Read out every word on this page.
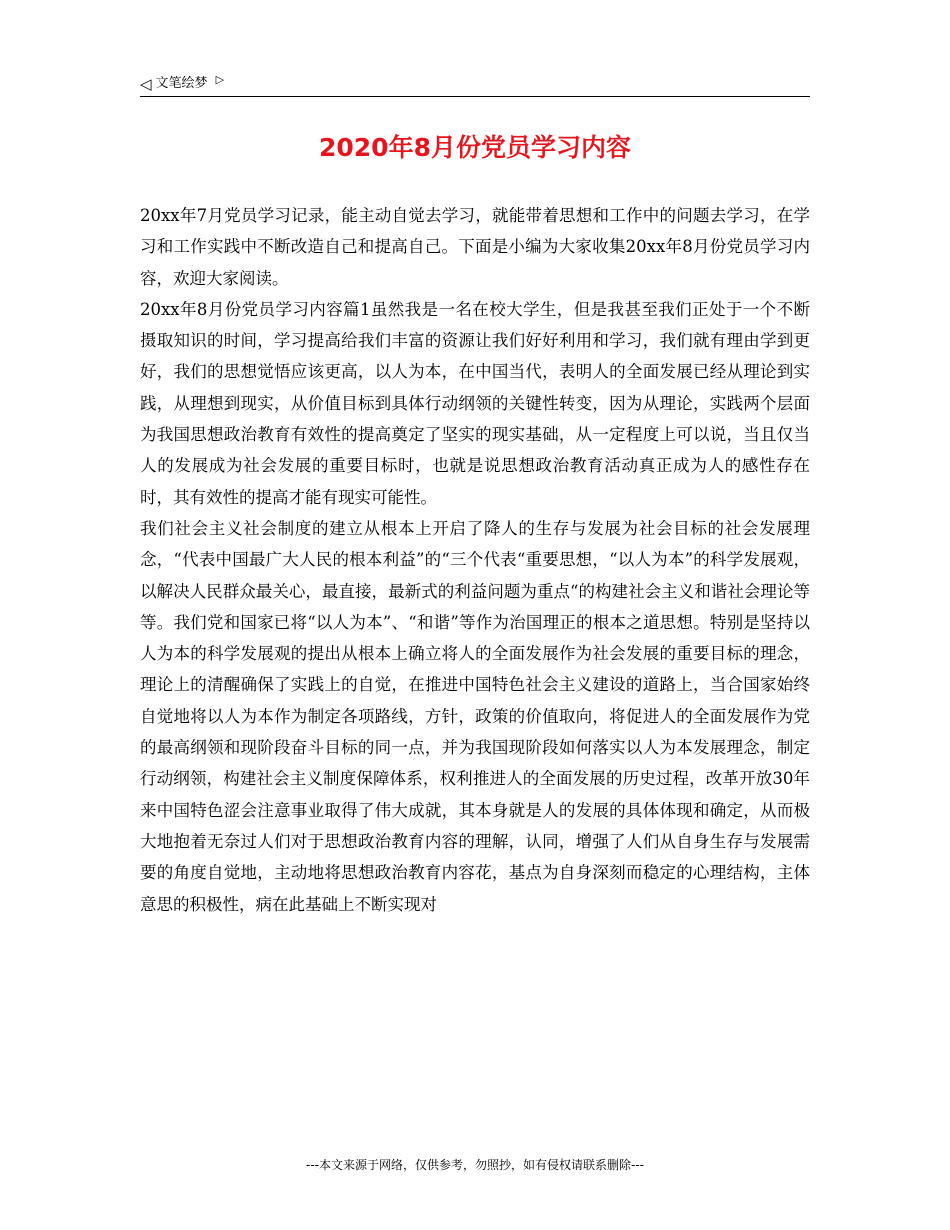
◁ 文笔绘梦 ▷
2020年8月份党员学习内容

20xx年7月党员学习记录，能主动自觉去学习，就能带着思想和工作中的问题去学习，在学习和工作实践中不断改造自己和提高自己。下面是小编为大家收集20xx年8月份党员学习内容，欢迎大家阅读。

20xx年8月份党员学习内容篇1虽然我是一名在校大学生，但是我甚至我们正处于一个不断摄取知识的时间，学习提高给我们丰富的资源让我们好好利用和学习，我们就有理由学到更好，我们的思想觉悟应该更高，以人为本，在中国当代，表明人的全面发展已经从理论到实践，从理想到现实，从价值目标到具体行动纲领的关键性转变，因为从理论，实践两个层面为我国思想政治教育有效性的提高奠定了坚实的现实基础，从一定程度上可以说，当且仅当人的发展成为社会发展的重要目标时，也就是说思想政治教育活动真正成为人的感性存在时，其有效性的提高才能有现实可能性。

我们社会主义社会制度的建立从根本上开启了降人的生存与发展为社会目标的社会发展理念，“代表中国最广大人民的根本利益”的“三个代表“重要思想，“以人为本”的科学发展观，以解决人民群众最关心，最直接，最新式的利益问题为重点“的构建社会主义和谐社会理论等等。我们党和国家已将“以人为本”、“和谐”等作为治国理正的根本之道思想。特别是坚持以人为本的科学发展观的提出从根本上确立将人的全面发展作为社会发展的重要目标的理念，理论上的清醒确保了实践上的自觉，在推进中国特色社会主义建设的道路上，当合国家始终自觉地将以人为本作为制定各项路线，方针，政策的价值取向，将促进人的全面发展作为党的最高纲领和现阶段奋斗目标的同一点，并为我国现阶段如何落实以人为本发展理念，制定行动纲领，构建社会主义制度保障体系，权利推进人的全面发展的历史过程，改革开放30年来中国特色涩会注意事业取得了伟大成就，其本身就是人的发展的具体体现和确定，从而极大地抱着无奈过人们对于思想政治教育内容的理解，认同，增强了人们从自身生存与发展需要的角度自觉地，主动地将思想政治教育内容花，基点为自身深刻而稳定的心理结构，主体意思的积极性，病在此基础上不断实现对

---本文来源于网络，仅供参考，勿照抄，如有侵权请联系删除---
